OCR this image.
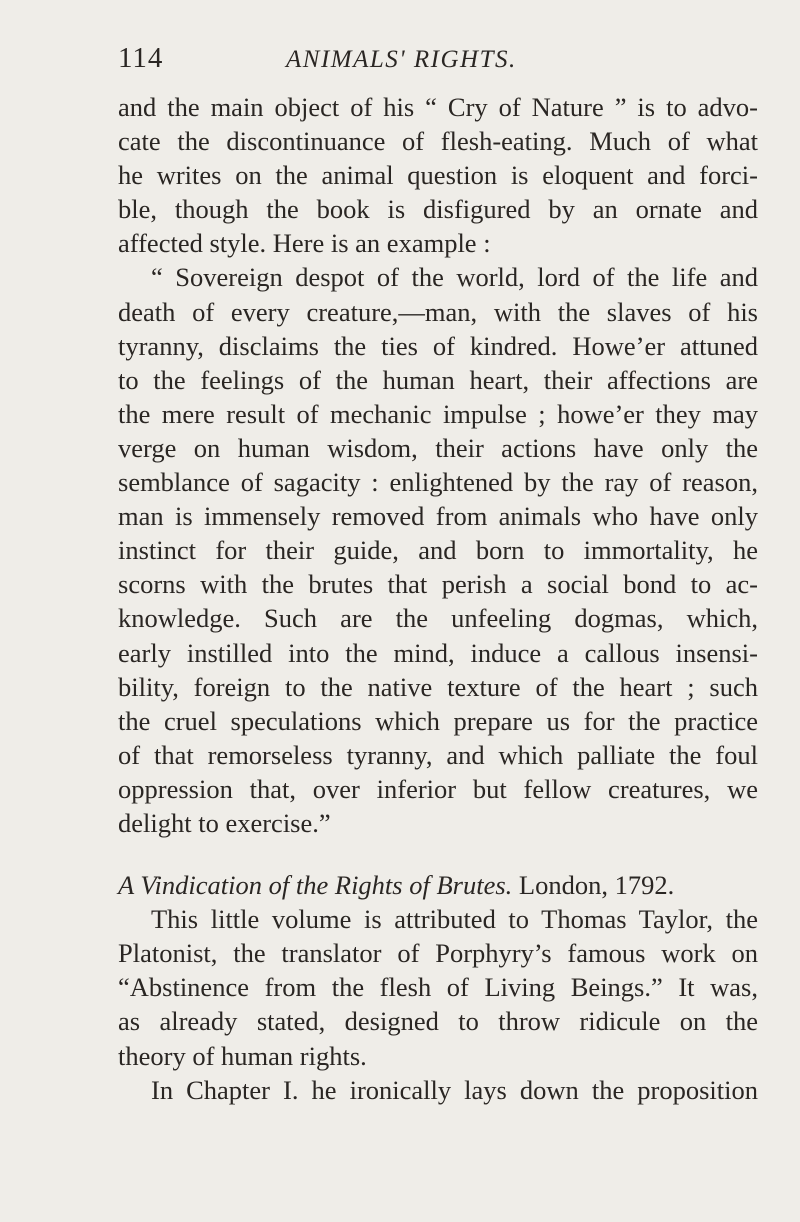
114	ANIMALS' RIGHTS.
and the main object of his “ Cry of Nature ” is to advo-
cate the discontinuance of flesh-eating. Much of what
he writes on the animal question is eloquent and forci-
ble, though the book is disfigured by an ornate and
affected style. Here is an example :
“ Sovereign despot of the world, lord of the life and
death of every creature,—man, with the slaves of his
tyranny, disclaims the ties of kindred. Howe’er attuned
to the feelings of the human heart, their affections are
the mere result of mechanic impulse ; howe’er they may
verge on human wisdom, their actions have only the
semblance of sagacity : enlightened by the ray of reason,
man is immensely removed from animals who have only
instinct for their guide, and born to immortality, he
scorns with the brutes that perish a social bond to ac-
knowledge. Such are the unfeeling dogmas, which,
early instilled into the mind, induce a callous insensi-
bility, foreign to the native texture of the heart ; such
the cruel speculations which prepare us for the practice
of that remorseless tyranny, and which palliate the foul
oppression that, over inferior but fellow creatures, we
delight to exercise.”
A Vindication of the Rights of Brutes. London, 1792.
This little volume is attributed to Thomas Taylor, the
Platonist, the translator of Porphyry’s famous work on
“Abstinence from the flesh of Living Beings.” It was,
as already stated, designed to throw ridicule on the
theory of human rights.
In Chapter I. he ironically lays down the proposition
